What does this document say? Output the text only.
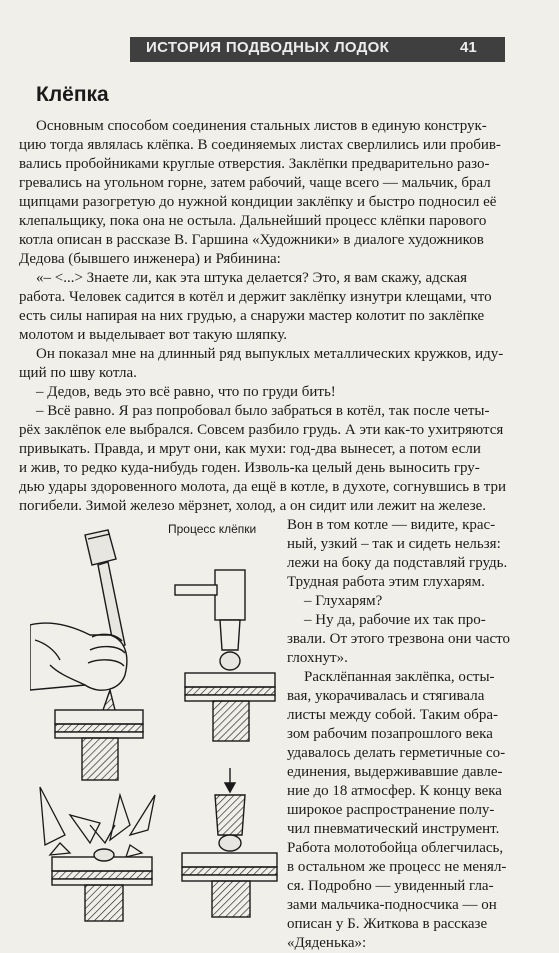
ИСТОРИЯ ПОДВОДНЫХ ЛОДОК	41
Клёпка
Основным способом соединения стальных листов в единую конструк-
цию тогда являлась клёпка. В соединяемых листах сверлились или пробив-
вались пробойниками круглые отверстия. Заклёпки предварительно разо-
гревались на угольном горне, затем рабочий, чаще всего — мальчик, брал
щипцами разогретую до нужной кондиции заклёпку и быстро подносил её
клепальщику, пока она не остыла. Дальнейший процесс клёпки парового
котла описан в рассказе В. Гаршина «Художники» в диалоге художников
Дедова (бывшего инженера) и Рябинина:
«– <...> Знаете ли, как эта штука делается? Это, я вам скажу, адская
работа. Человек садится в котёл и держит заклёпку изнутри клещами, что
есть силы напирая на них грудью, а снаружи мастер колотит по заклёпке
молотом и выделывает вот такую шляпку.
Он показал мне на длинный ряд выпуклых металлических кружков, иду-
щий по шву котла.
– Дедов, ведь это всё равно, что по груди бить!
– Всё равно. Я раз попробовал было забраться в котёл, так после четы-
рёх заклёпок еле выбрался. Совсем разбило грудь. А эти как-то ухитряются
привыкать. Правда, и мрут они, как мухи: год-два вынесет, а потом если
и жив, то редко куда-нибудь годен. Изволь-ка целый день выносить гру-
дью удары здоровенного молота, да ещё в котле, в духоте, согнувшись в три
погибели. Зимой железо мёрзнет, холод, а он сидит или лежит на железе.
Вон в том котле — видите, крас-
ный, узкий – так и сидеть нельзя:
лежи на боку да подставляй грудь.
Трудная работа этим глухарям.
– Глухарям?
– Ну да, рабочие их так про-
звали. От этого трезвона они часто
глохнут».
Расклёпанная заклёпка, осты-
вая, укорачивалась и стягивала
листы между собой. Таким обра-
зом рабочим позапрошлого века
удавалось делать герметичные со-
единения, выдерживавшие давле-
ние до 18 атмосфер. К концу века
широкое распространение полу-
чил пневматический инструмент.
Работа молотобойца облегчилась,
в остальном же процесс не менял-
ся. Подробно — увиденный гла-
зами мальчика-подносчика — он
описан у Б. Житкова в рассказе
«Дяденька»:
Процесс клёпки
